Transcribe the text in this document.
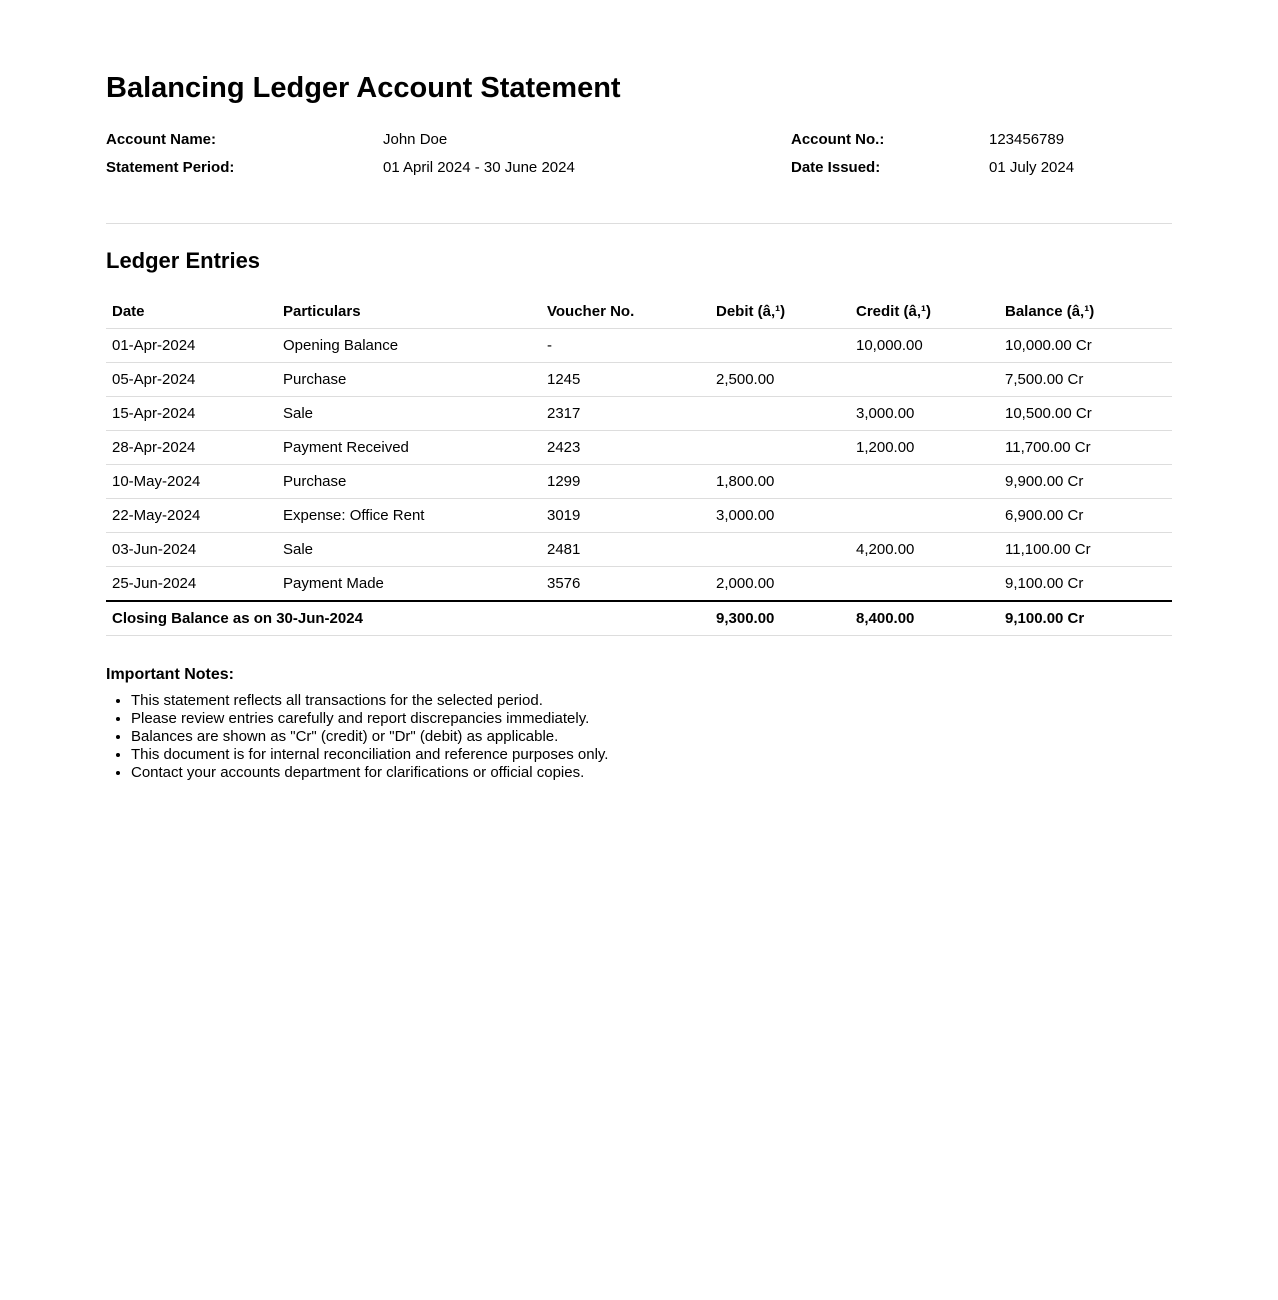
Balancing Ledger Account Statement
Account Name:	John Doe	Account No.:	123456789
Statement Period:	01 April 2024 - 30 June 2024	Date Issued:	01 July 2024
Ledger Entries
Date	Particulars	Voucher No.	Debit (â‚¹)	Credit (â‚¹)	Balance (â‚¹)
01-Apr-2024	Opening Balance	-		10,000.00	10,000.00 Cr
05-Apr-2024	Purchase	1245	2,500.00		7,500.00 Cr
15-Apr-2024	Sale	2317		3,000.00	10,500.00 Cr
28-Apr-2024	Payment Received	2423		1,200.00	11,700.00 Cr
10-May-2024	Purchase	1299	1,800.00		9,900.00 Cr
22-May-2024	Expense: Office Rent	3019	3,000.00		6,900.00 Cr
03-Jun-2024	Sale	2481		4,200.00	11,100.00 Cr
25-Jun-2024	Payment Made	3576	2,000.00		9,100.00 Cr
Closing Balance as on 30-Jun-2024			9,300.00	8,400.00	9,100.00 Cr
Important Notes:
• This statement reflects all transactions for the selected period.
• Please review entries carefully and report discrepancies immediately.
• Balances are shown as "Cr" (credit) or "Dr" (debit) as applicable.
• This document is for internal reconciliation and reference purposes only.
• Contact your accounts department for clarifications or official copies.
